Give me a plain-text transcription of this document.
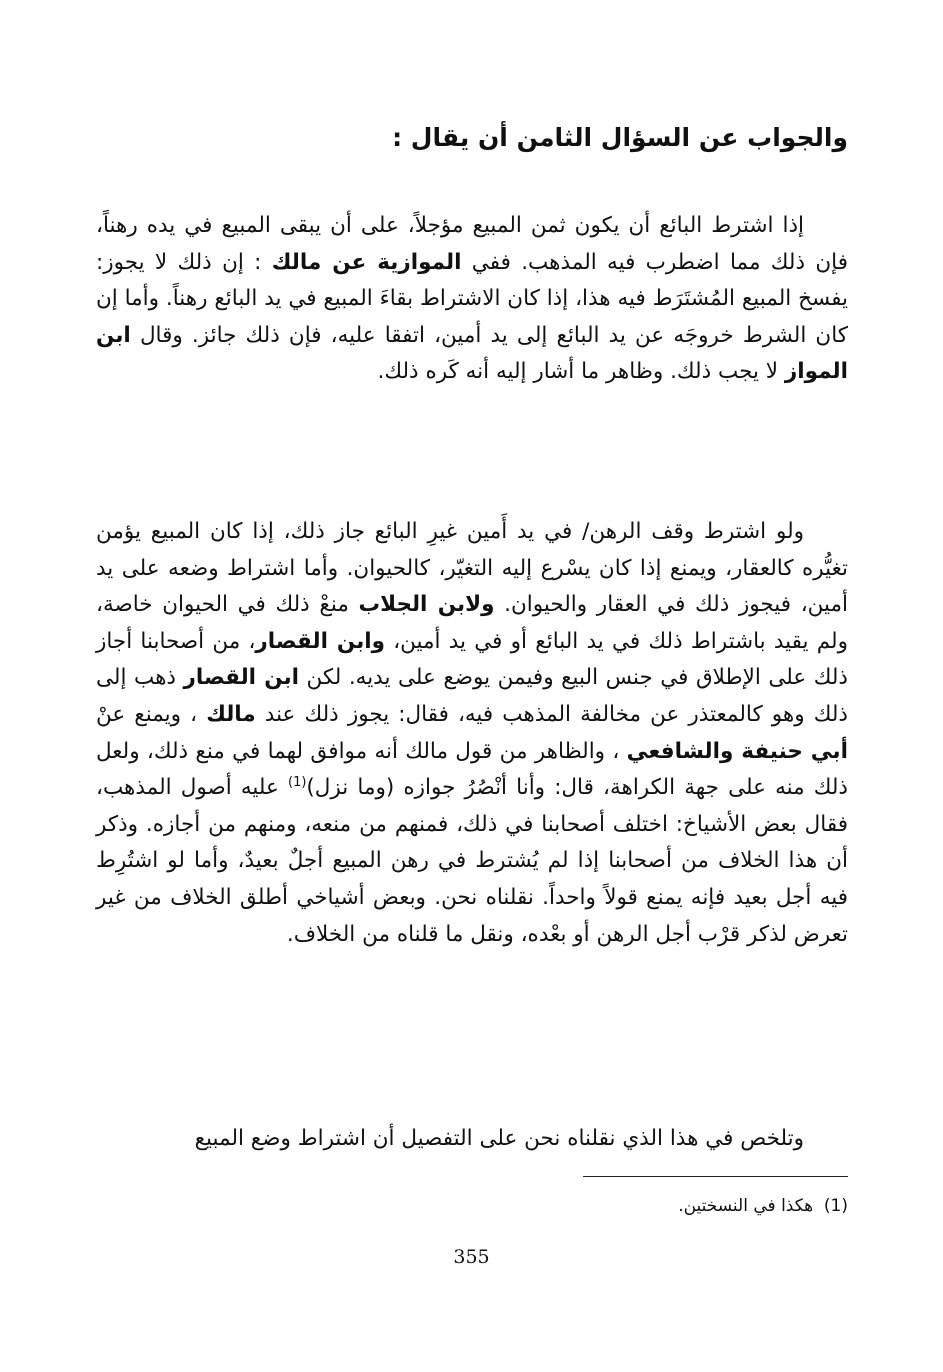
والجواب عن السؤال الثامن أن يقال :

إذا اشترط البائع أن يكون ثمن المبيع مؤجلاً، على أن يبقى المبيع في يده رهناً، فإن ذلك مما اضطرب فيه المذهب. ففي الموازية عن مالك : إن ذلك لا يجوز: يفسخ المبيع المُشتَرَط فيه هذا، إذا كان الاشتراط بقاءَ المبيع في يد البائع رهناً. وأما إن كان الشرط خروجَه عن يد البائع إلى يد أمين، اتفقا عليه، فإن ذلك جائز. وقال ابن المواز لا يجب ذلك. وظاهر ما أشار إليه أنه كَره ذلك.

ولو اشترط وقف الرهن/ في يد أَمين غيرِ البائع جاز ذلك، إذا كان المبيع يؤمن تغيُّره كالعقار، ويمنع إذا كان يسْرع إليه التغيّر، كالحيوان. وأما اشتراط وضعه على يد أمين، فيجوز ذلك في العقار والحيوان. ولابن الجلاب منعْ ذلك في الحيوان خاصة، ولم يقيد باشتراط ذلك في يد البائع أو في يد أمين، وابن القصار، من أصحابنا أجاز ذلك على الإطلاق في جنس البيع وفيمن يوضع على يديه. لكن ابن القصار ذهب إلى ذلك وهو كالمعتذر عن مخالفة المذهب فيه، فقال: يجوز ذلك عند مالك ، ويمنع عنْ أبي حنيفة والشافعي ، والظاهر من قول مالك أنه موافق لهما في منع ذلك، ولعل ذلك منه على جهة الكراهة، قال: وأنا أنْصُرُ جوازه (وما نزل)$^{(1)}$ عليه أصول المذهب، فقال بعض الأشياخ: اختلف أصحابنا في ذلك، فمنهم من منعه، ومنهم من أجازه. وذكر أن هذا الخلاف من أصحابنا إذا لم يُشترط في رهن المبيع أجلٌ بعيدٌ، وأما لو اشتُرِط فيه أجل بعيد فإنه يمنع قولاً واحداً. نقلناه نحن. وبعض أشياخي أطلق الخلاف من غير تعرض لذكر قرْب أجل الرهن أو بعْده، ونقل ما قلناه من الخلاف.

وتلخص في هذا الذي نقلناه نحن على التفصيل أن اشتراط وضع المبيع

(1)  هكذا في النسختين.

355
